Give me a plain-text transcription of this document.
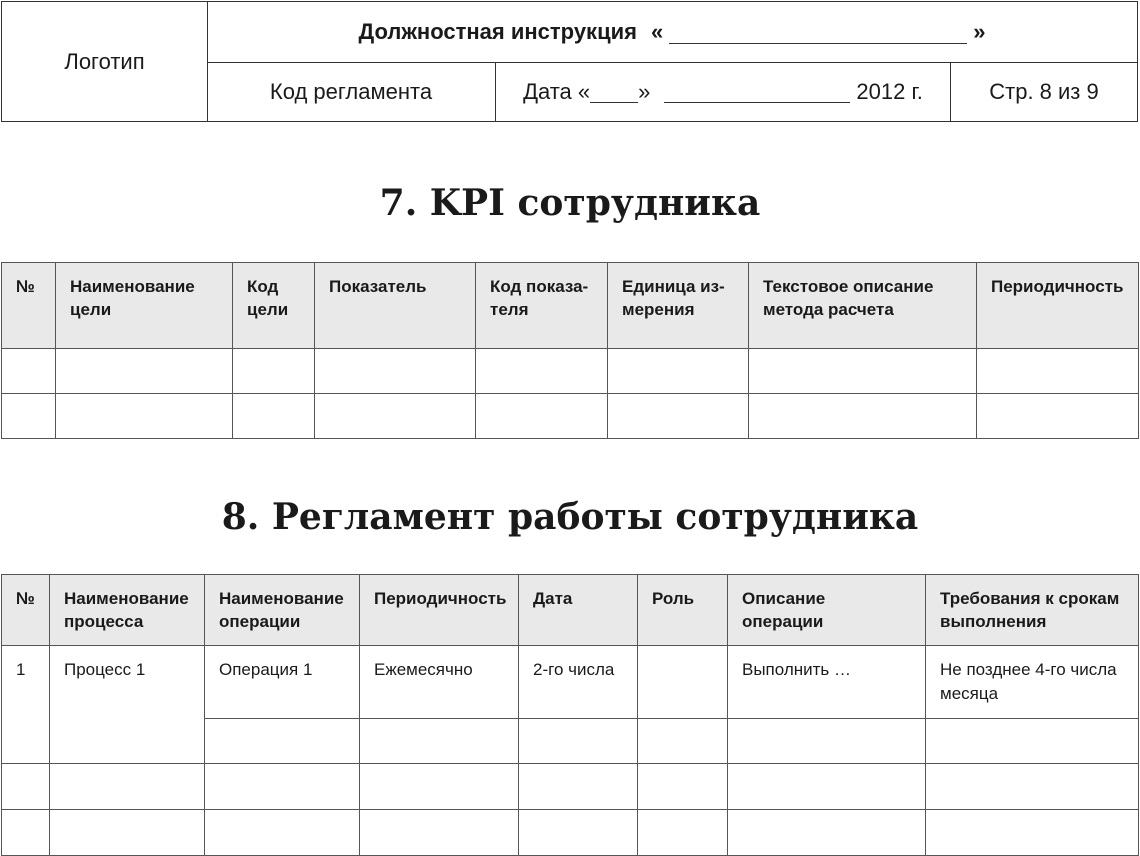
Логотип
Должностная инструкция «	»
Код регламента	Дата « »	2012 г.	Стр. 8 из 9
7. KPI сотрудника
№	Наименование цели	Код цели	Показатель	Код показа-теля	Единица из-мерения	Текстовое описание метода расчета	Периодичность

8. Регламент работы сотрудника
№	Наименование процесса	Наименование операции	Периодичность	Дата	Роль	Описание операции	Требования к срокам выполнения
1	Процесс 1	Операция 1	Ежемесячно	2-го числа		Выполнить …	Не позднее 4-го числа месяца
